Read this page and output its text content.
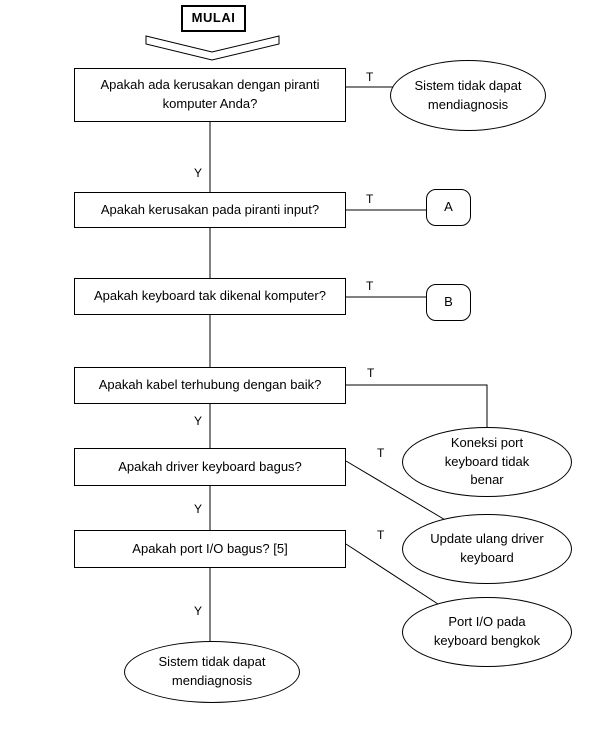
MULAI
Apakah ada kerusakan dengan piranti komputer Anda?
Apakah kerusakan pada piranti input?
Apakah keyboard tak dikenal komputer?
Apakah kabel terhubung dengan baik?
Apakah driver keyboard bagus?
Apakah port I/O bagus? [5]
A
B
Sistem tidak dapat mendiagnosis
Koneksi port keyboard tidak benar
Update ulang driver keyboard
Port I/O pada keyboard bengkok
Sistem tidak dapat mendiagnosis
T
T
T
T
T
T
Y
Y
Y
Y
